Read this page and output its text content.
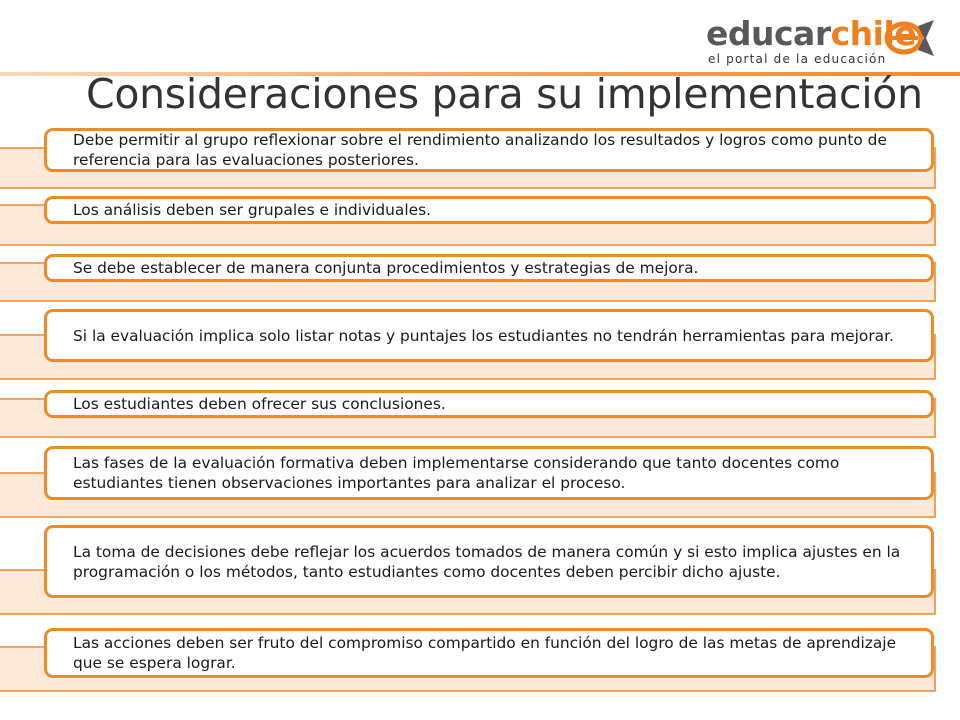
educarchile
el portal de la educación
Consideraciones para su implementación
Debe permitir al grupo reflexionar sobre el rendimiento analizando los resultados y logros como punto de referencia para las evaluaciones posteriores.
Los análisis deben ser grupales e individuales.
Se debe establecer de manera conjunta procedimientos y estrategias de mejora.
Si la evaluación implica solo listar notas y puntajes los estudiantes no tendrán herramientas para mejorar.
Los estudiantes deben ofrecer sus conclusiones.
Las fases de la evaluación formativa deben implementarse considerando que tanto docentes como estudiantes tienen observaciones importantes para analizar el proceso.
La toma de decisiones debe reflejar los acuerdos tomados de manera común y si esto implica ajustes en la programación o los métodos, tanto estudiantes como docentes deben percibir dicho ajuste.
Las acciones deben ser fruto del compromiso compartido en función del logro de las metas de aprendizaje que se espera lograr.
